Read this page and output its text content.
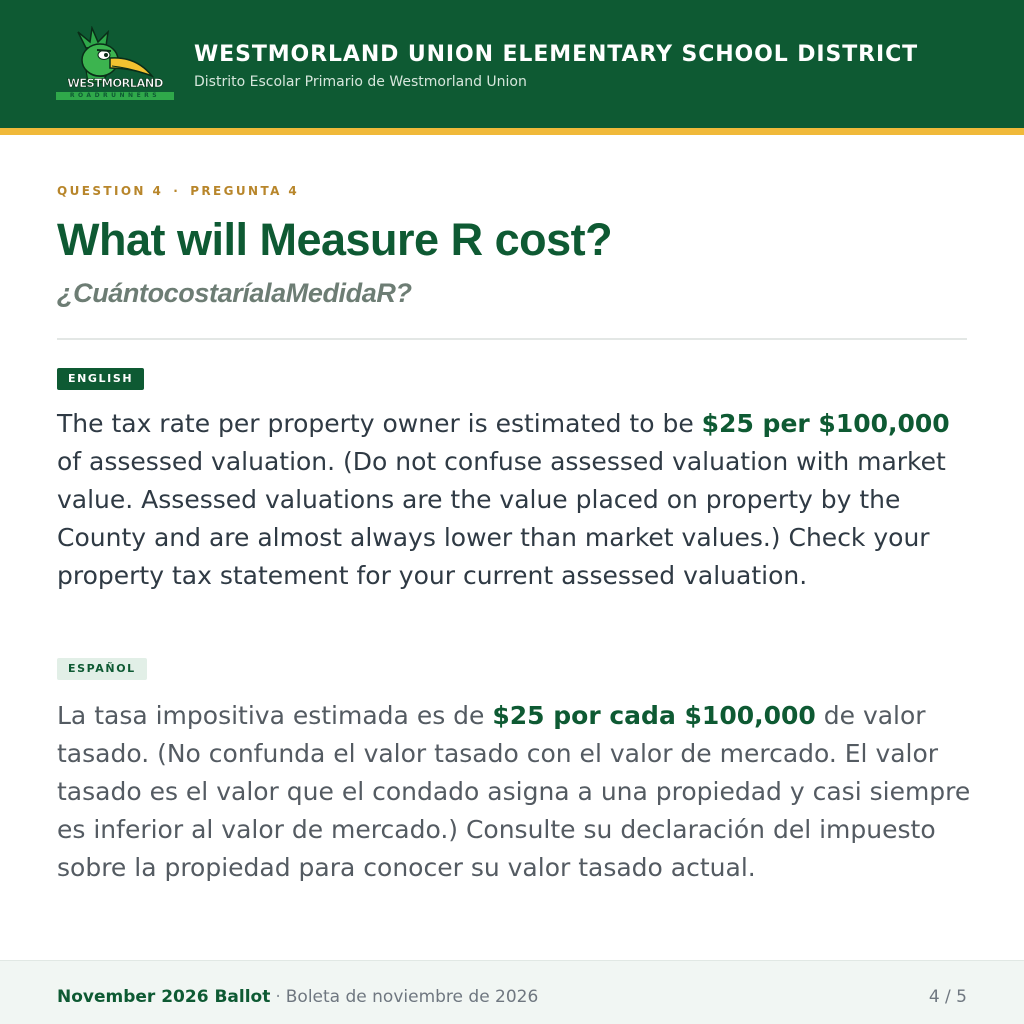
WESTMORLAND
ROADRUNNERS
WESTMORLAND UNION ELEMENTARY SCHOOL DISTRICT
Distrito Escolar Primario de Westmorland Union
QUESTION 4 · PREGUNTA 4
What will Measure R cost?
¿CuántocostaríalaMedidaR?
ENGLISH

The tax rate per property owner is estimated to be $25 per $100,000 of assessed valuation. (Do not confuse assessed valuation with market value. Assessed valuations are the value placed on property by the County and are almost always lower than market values.) Check your property tax statement for your current assessed valuation.

ESPAÑOL

La tasa impositiva estimada es de $25 por cada $100,000 de valor tasado. (No confunda el valor tasado con el valor de mercado. El valor tasado es el valor que el condado asigna a una propiedad y casi siempre es inferior al valor de mercado.) Consulte su declaración del impuesto sobre la propiedad para conocer su valor tasado actual.

November 2026 Ballot · Boleta de noviembre de 2026	4 / 5
